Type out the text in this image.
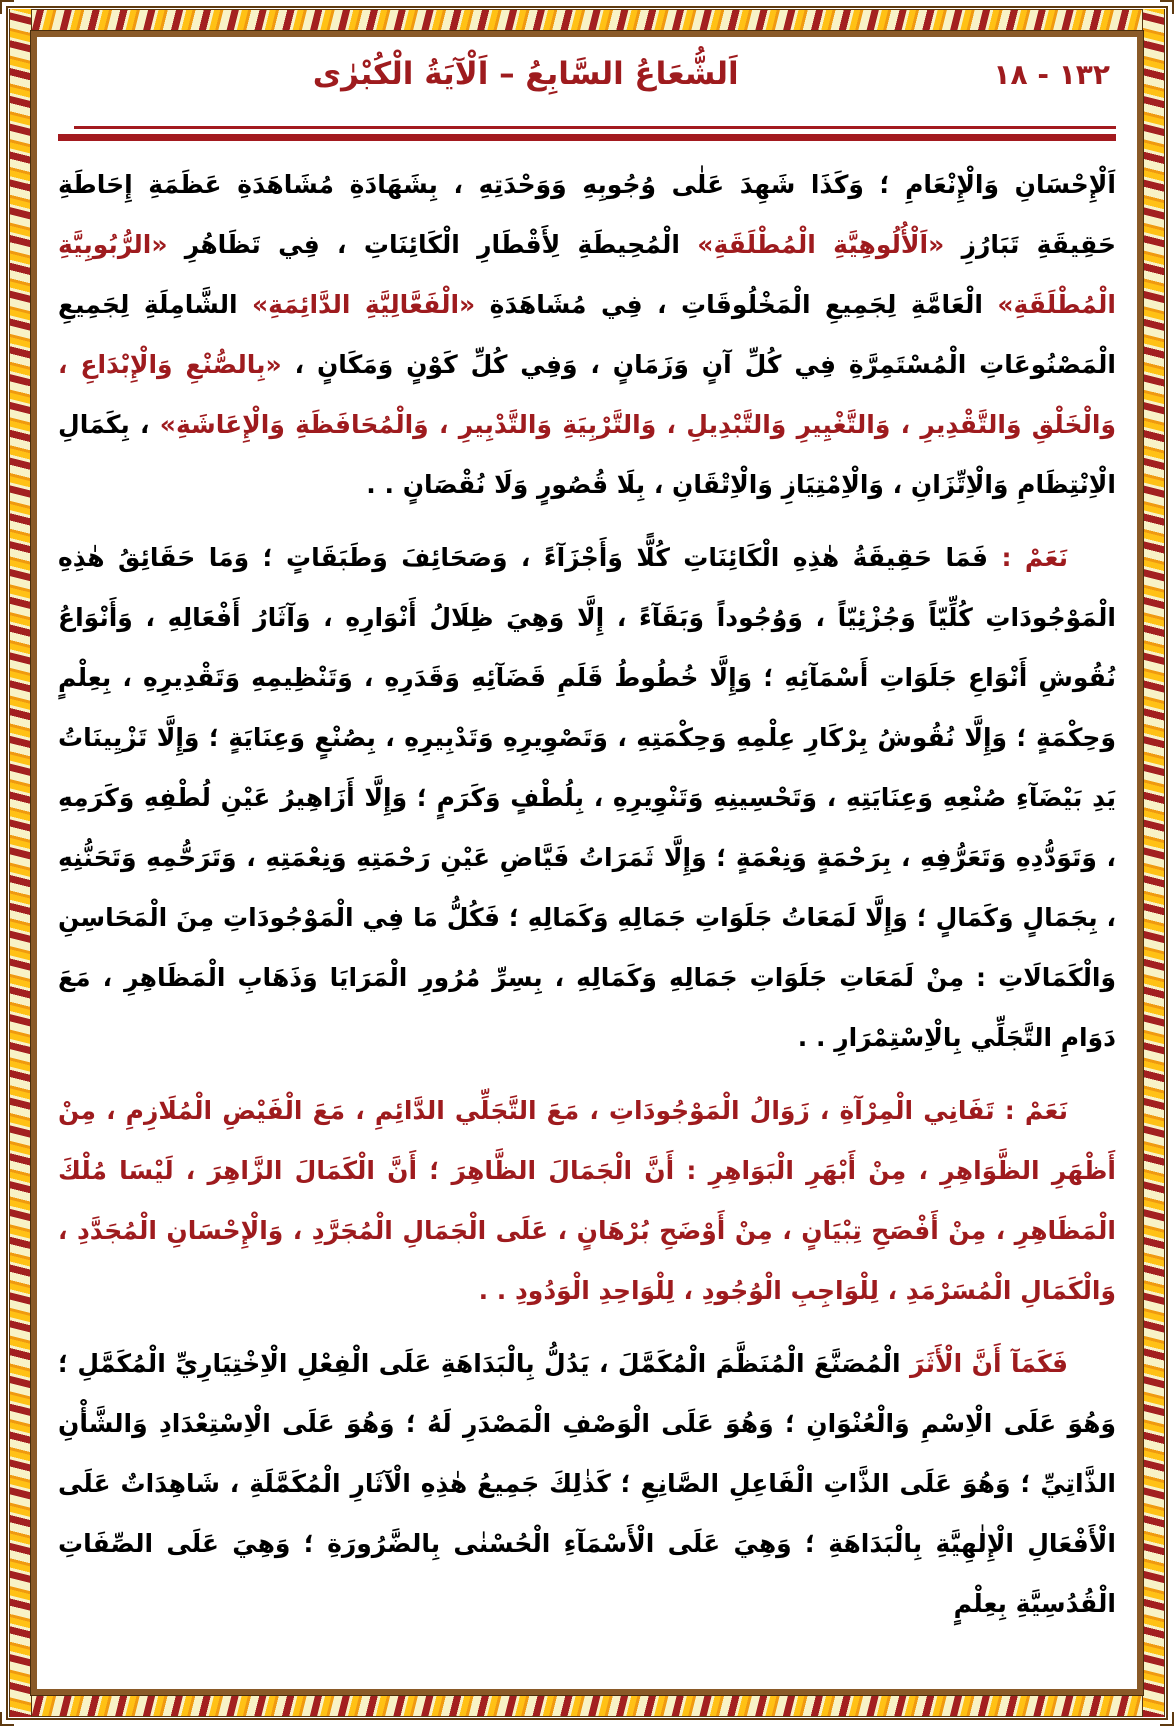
١٣٢ - ١٨
اَلشُّعَاعُ السَّابِعُ – اَلْآيَةُ الْكُبْرٰى

اَلْإِحْسَانِ وَالْإِنْعَامِ ؛ وَكَذَا شَهِدَ عَلٰى وُجُوبِهِ وَوَحْدَتِهِ ، بِشَهَادَةِ مُشَاهَدَةِ عَظَمَةِ إِحَاطَةِ حَقِيقَةِ تَبَارُزِ «اَلْأُلُوهِيَّةِ الْمُطْلَقَةِ» الْمُحِيطَةِ لِأَقْطَارِ الْكَائِنَاتِ ، فِي تَظَاهُرِ «الرُّبُوبِيَّةِ الْمُطْلَقَةِ» الْعَامَّةِ لِجَمِيعِ الْمَخْلُوقَاتِ ، فِي مُشَاهَدَةِ «الْفَعَّالِيَّةِ الدَّائِمَةِ» الشَّامِلَةِ لِجَمِيعِ الْمَصْنُوعَاتِ الْمُسْتَمِرَّةِ فِي كُلِّ آنٍ وَزَمَانٍ ، وَفِي كُلِّ كَوْنٍ وَمَكَانٍ ، «بِالصُّنْعِ وَالْإِبْدَاعِ ، وَالْخَلْقِ وَالتَّقْدِيرِ ، وَالتَّغْيِيرِ وَالتَّبْدِيلِ ، وَالتَّرْبِيَةِ وَالتَّدْبِيرِ ، وَالْمُحَافَظَةِ وَالْإِعَاشَةِ» ، بِكَمَالِ الْاِنْتِظَامِ وَالْاِتِّزَانِ ، وَالْاِمْتِيَازِ وَالْاِتْقَانِ ، بِلَا قُصُورٍ وَلَا نُقْصَانٍ . .

نَعَمْ : فَمَا حَقِيقَةُ هٰذِهِ الْكَائِنَاتِ كُلًّا وَأَجْزَآءً ، وَصَحَائِفَ وَطَبَقَاتٍ ؛ وَمَا حَقَائِقُ هٰذِهِ الْمَوْجُودَاتِ كُلِّيّاً وَجُزْئِيّاً ، وَوُجُوداً وَبَقَآءً ، إِلَّا وَهِيَ ظِلَالُ أَنْوَارِهِ ، وَآثَارُ أَفْعَالِهِ ، وَأَنْوَاعُ نُقُوشِ أَنْوَاعِ جَلَوَاتِ أَسْمَآئِهِ ؛ وَإِلَّا خُطُوطُ قَلَمِ قَضَآئِهِ وَقَدَرِهِ ، وَتَنْظِيمِهِ وَتَقْدِيرِهِ ، بِعِلْمٍ وَحِكْمَةٍ ؛ وَإِلَّا نُقُوشُ بِرْكَارِ عِلْمِهِ وَحِكْمَتِهِ ، وَتَصْوِيرِهِ وَتَدْبِيرِهِ ، بِصُنْعٍ وَعِنَايَةٍ ؛ وَإِلَّا تَزْيِينَاتُ يَدِ بَيْضَآءِ صُنْعِهِ وَعِنَايَتِهِ ، وَتَحْسِينِهِ وَتَنْوِيرِهِ ، بِلُطْفٍ وَكَرَمٍ ؛ وَإِلَّا أَزَاهِيرُ عَيْنِ لُطْفِهِ وَكَرَمِهِ ، وَتَوَدُّدِهِ وَتَعَرُّفِهِ ، بِرَحْمَةٍ وَنِعْمَةٍ ؛ وَإِلَّا ثَمَرَاتُ فَيَّاضِ عَيْنِ رَحْمَتِهِ وَنِعْمَتِهِ ، وَتَرَحُّمِهِ وَتَحَنُّنِهِ ، بِجَمَالٍ وَكَمَالٍ ؛ وَإِلَّا لَمَعَاتُ جَلَوَاتِ جَمَالِهِ وَكَمَالِهِ ؛ فَكُلُّ مَا فِي الْمَوْجُودَاتِ مِنَ الْمَحَاسِنِ وَالْكَمَالَاتِ : مِنْ لَمَعَاتِ جَلَوَاتِ جَمَالِهِ وَكَمَالِهِ ، بِسِرِّ مُرُورِ الْمَرَايَا وَذَهَابِ الْمَظَاهِرِ ، مَعَ دَوَامِ التَّجَلِّي بِالْاِسْتِمْرَارِ . .

نَعَمْ : تَفَانِي الْمِرْآةِ ، زَوَالُ الْمَوْجُودَاتِ ، مَعَ التَّجَلِّي الدَّائِمِ ، مَعَ الْفَيْضِ الْمُلَازِمِ ، مِنْ أَظْهَرِ الظَّوَاهِرِ ، مِنْ أَبْهَرِ الْبَوَاهِرِ : أَنَّ الْجَمَالَ الظَّاهِرَ ؛ أَنَّ الْكَمَالَ الزَّاهِرَ ، لَيْسَا مُلْكَ الْمَظَاهِرِ ، مِنْ أَفْصَحِ تِبْيَانٍ ، مِنْ أَوْضَحِ بُرْهَانٍ ، عَلَى الْجَمَالِ الْمُجَرَّدِ ، وَالْإِحْسَانِ الْمُجَدَّدِ ، وَالْكَمَالِ الْمُسَرْمَدِ ، لِلْوَاجِبِ الْوُجُودِ ، لِلْوَاحِدِ الْوَدُودِ . .

فَكَمَآ أَنَّ الْأَثَرَ الْمُصَنَّعَ الْمُنَظَّمَ الْمُكَمَّلَ ، يَدُلُّ بِالْبَدَاهَةِ عَلَى الْفِعْلِ الْاِخْتِيَارِيِّ الْمُكَمَّلِ ؛ وَهُوَ عَلَى الْاِسْمِ وَالْعُنْوَانِ ؛ وَهُوَ عَلَى الْوَصْفِ الْمَصْدَرِ لَهُ ؛ وَهُوَ عَلَى الْاِسْتِعْدَادِ وَالشَّأْنِ الذَّاتِيِّ ؛ وَهُوَ عَلَى الذَّاتِ الْفَاعِلِ الصَّانِعِ ؛ كَذٰلِكَ جَمِيعُ هٰذِهِ الْآثَارِ الْمُكَمَّلَةِ ، شَاهِدَاتٌ عَلَى الْأَفْعَالِ الْإِلٰهِيَّةِ بِالْبَدَاهَةِ ؛ وَهِيَ عَلَى الْأَسْمَآءِ الْحُسْنٰى بِالضَّرُورَةِ ؛ وَهِيَ عَلَى الصِّفَاتِ الْقُدُسِيَّةِ بِعِلْمٍ
